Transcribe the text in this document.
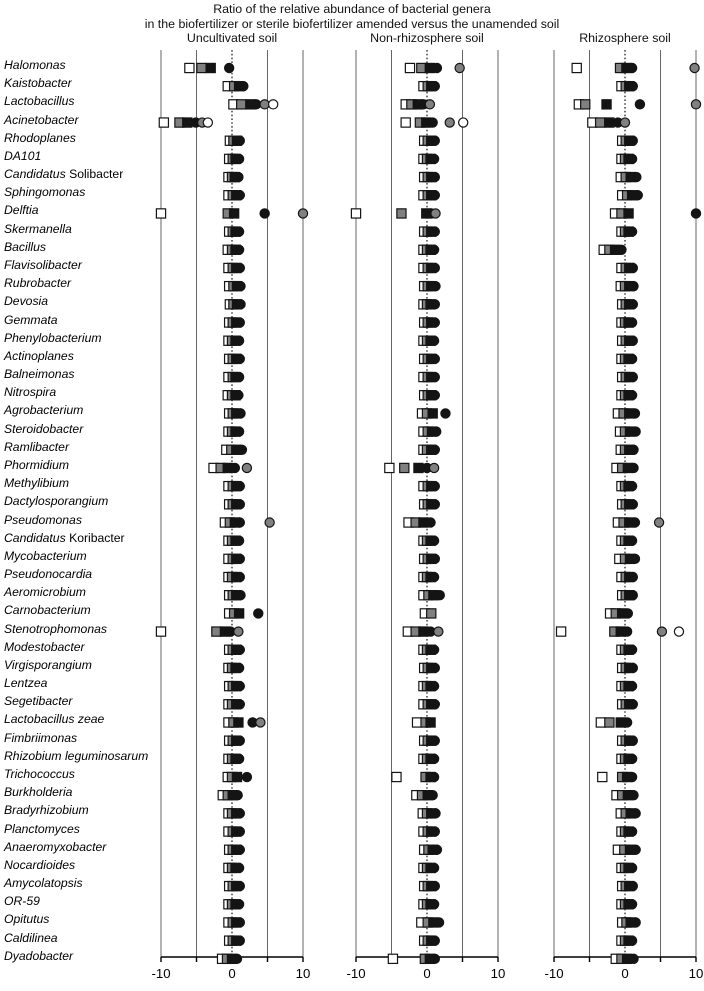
Ratio of the relative abundance of bacterial genera
in the biofertilizer or sterile biofertilizer amended versus the unamended soil
Uncultivated soil	Non-rhizosphere soil	Rhizosphere soil
Halomonas
Kaistobacter
Lactobacillus
Acinetobacter
Rhodoplanes
DA101
Candidatus Solibacter
Sphingomonas
Delftia
Skermanella
Bacillus
Flavisolibacter
Rubrobacter
Devosia
Gemmata
Phenylobacterium
Actinoplanes
Balneimonas
Nitrospira
Agrobacterium
Steroidobacter
Ramlibacter
Phormidium
Methylibium
Dactylosporangium
Pseudomonas
Candidatus Koribacter
Mycobacterium
Pseudonocardia
Aeromicrobium
Carnobacterium
Stenotrophomonas
Modestobacter
Virgisporangium
Lentzea
Segetibacter
Lactobacillus zeae
Fimbriimonas
Rhizobium leguminosarum
Trichococcus
Burkholderia
Bradyrhizobium
Planctomyces
Anaeromyxobacter
Nocardioides
Amycolatopsis
OR-59
Opitutus
Caldilinea
Dyadobacter
-10	0	10	-10	0	10	-10	0	10
